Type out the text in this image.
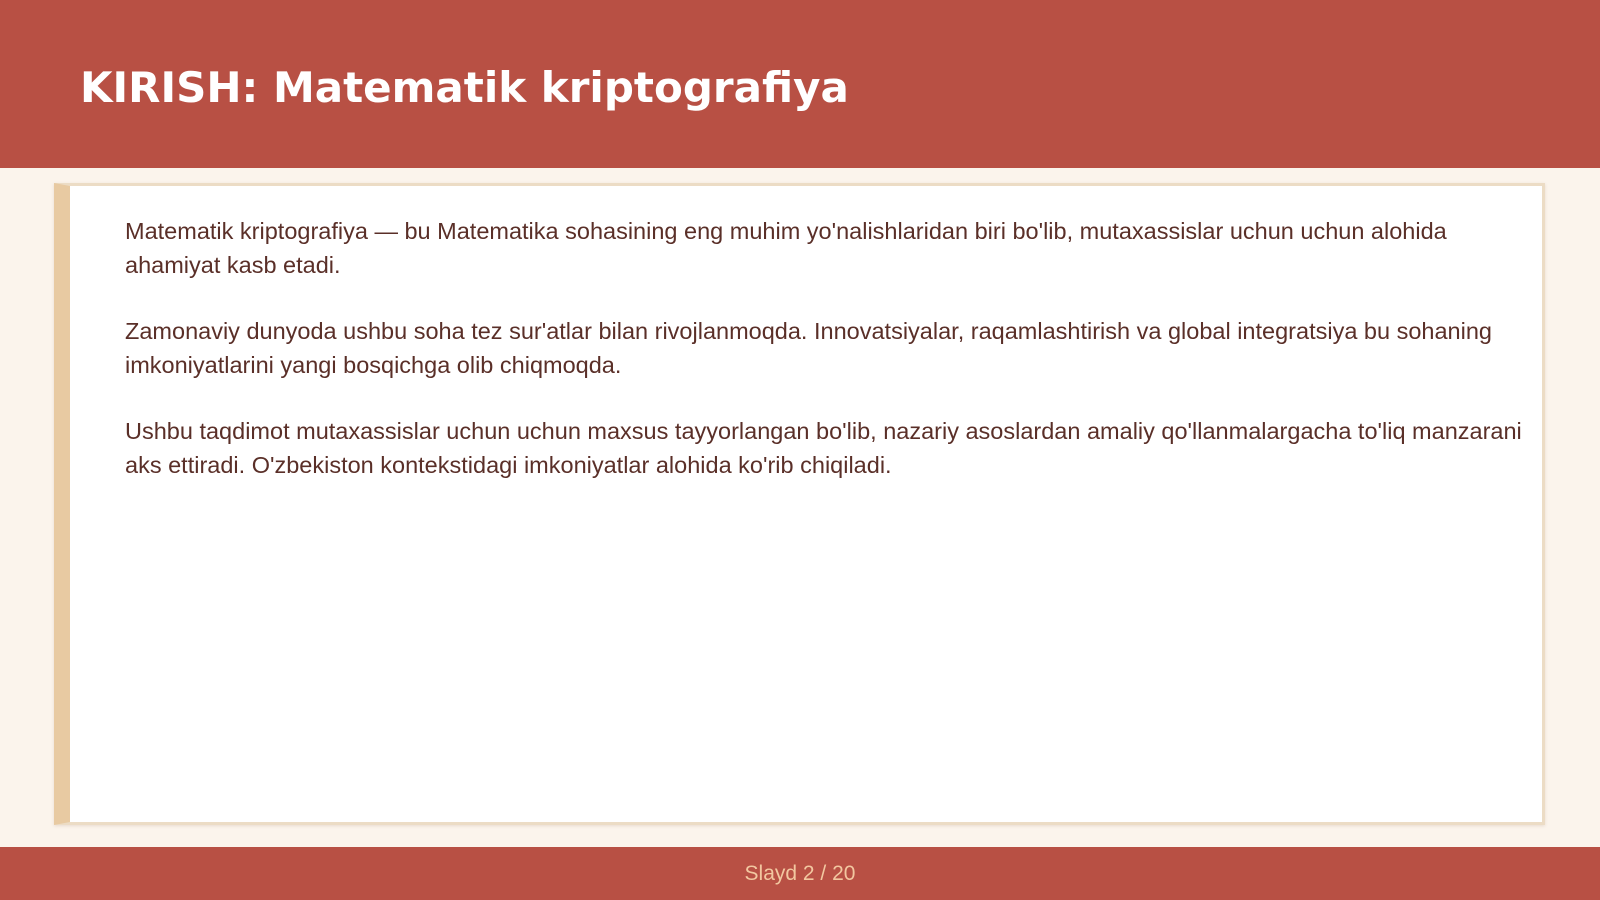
KIRISH: Matematik kriptografiya

Matematik kriptografiya — bu Matematika sohasining eng muhim yo'nalishlaridan biri bo'lib, mutaxassislar uchun uchun alohida ahamiyat kasb etadi.

Zamonaviy dunyoda ushbu soha tez sur'atlar bilan rivojlanmoqda. Innovatsiyalar, raqamlashtirish va global integratsiya bu sohaning imkoniyatlarini yangi bosqichga olib chiqmoqda.

Ushbu taqdimot mutaxassislar uchun uchun maxsus tayyorlangan bo'lib, nazariy asoslardan amaliy qo'llanmalargacha to'liq manzarani aks ettiradi. O'zbekiston kontekstidagi imkoniyatlar alohida ko'rib chiqiladi.

Slayd 2 / 20
